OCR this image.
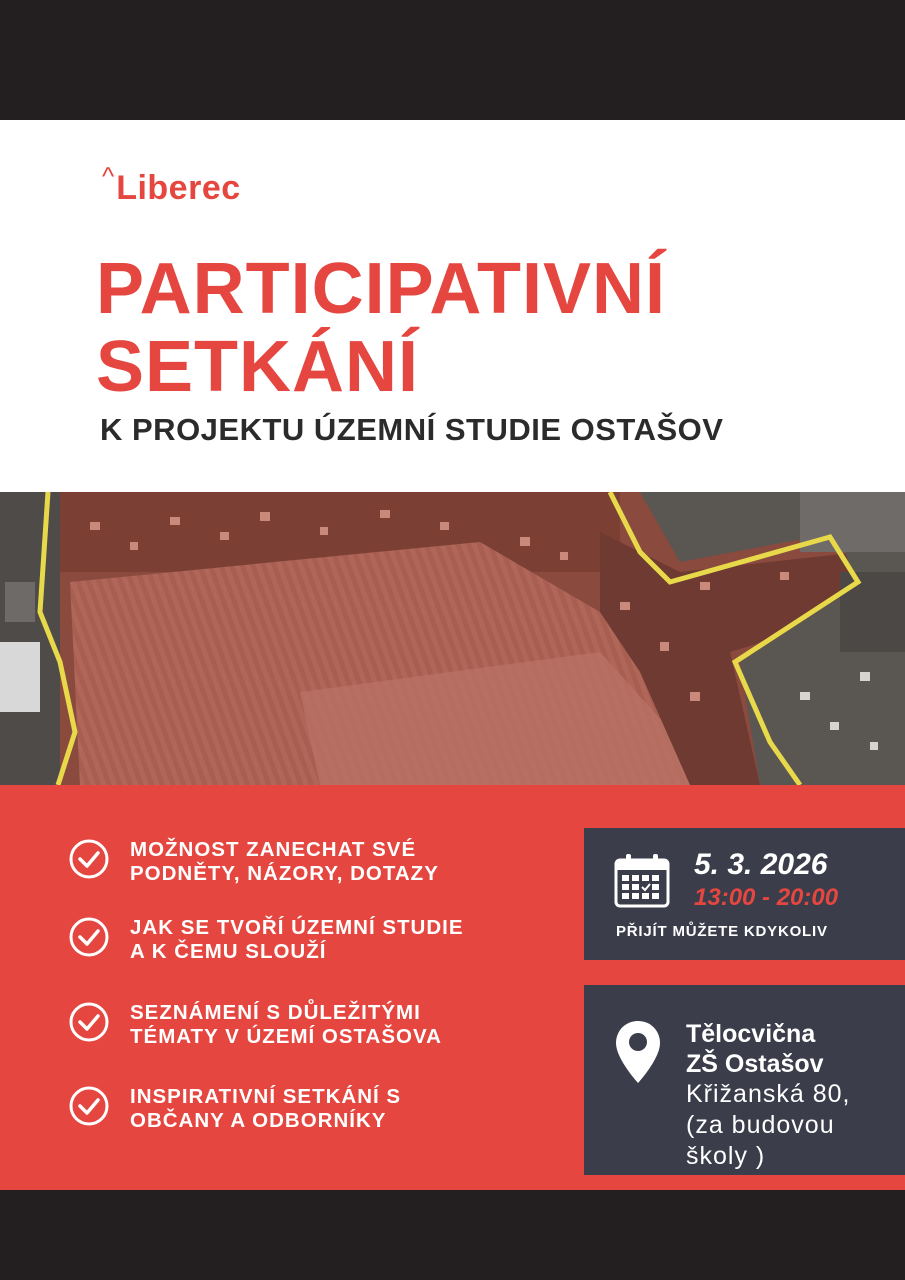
^ Liberec
PARTICIPATIVNÍ
SETKÁNÍ
K PROJEKTU ÚZEMNÍ STUDIE OSTAŠOV
MOŽNOST ZANECHAT SVÉ
PODNĚTY, NÁZORY, DOTAZY
JAK SE TVOŘÍ ÚZEMNÍ STUDIE
A K ČEMU SLOUŽÍ
SEZNÁMENÍ S DŮLEŽITÝMI
TÉMATY V ÚZEMÍ OSTAŠOVA
INSPIRATIVNÍ SETKÁNÍ S
OBČANY A ODBORNÍKY
5. 3. 2026
13:00 - 20:00
PŘIJÍT MŮŽETE KDYKOLIV
Tělocvična
ZŠ Ostašov
Křižanská 80,
(za budovou
školy )
